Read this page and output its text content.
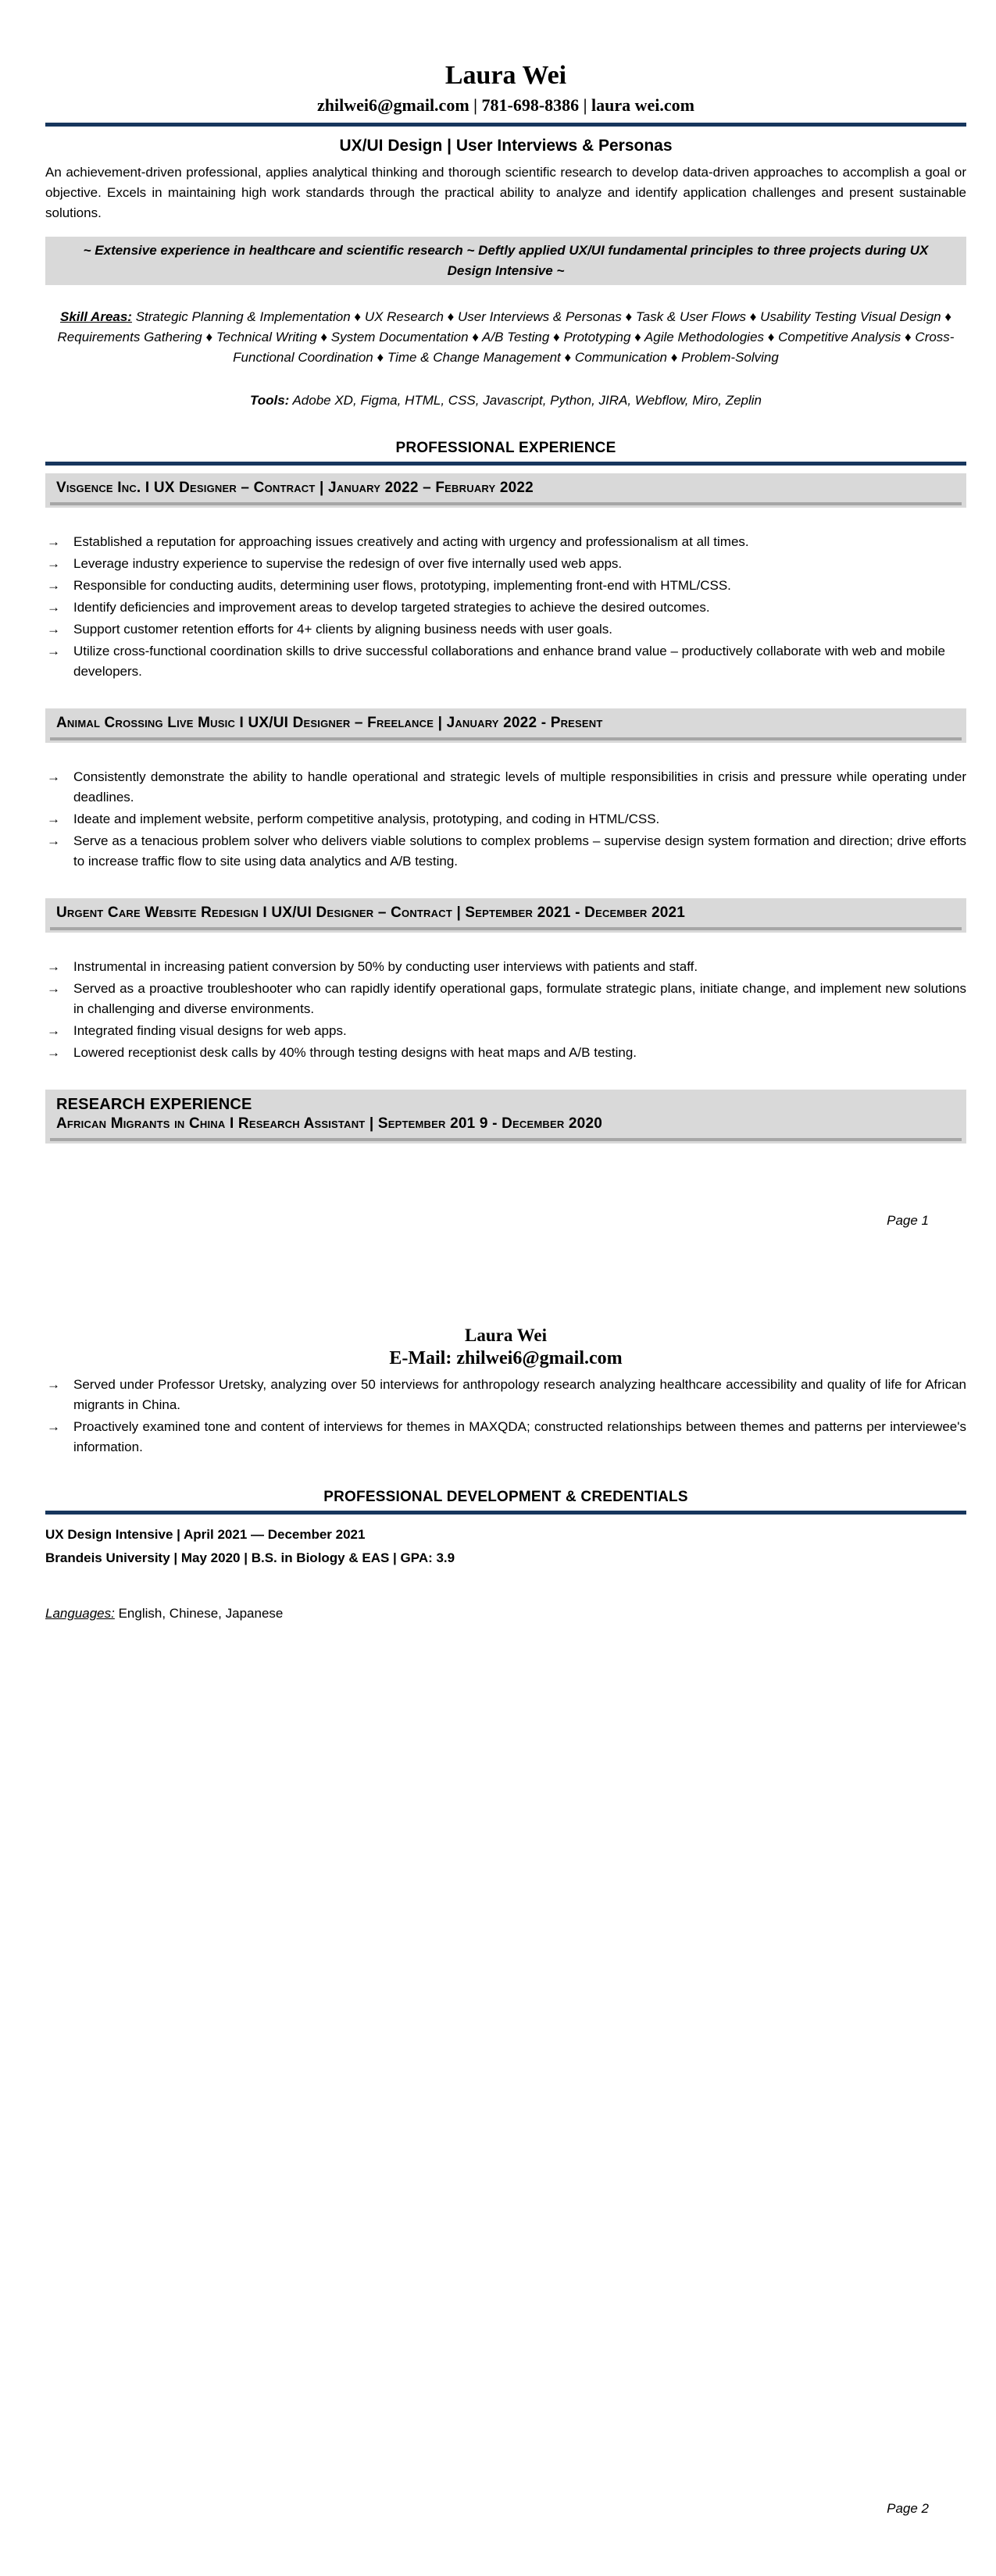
Laura Wei
zhilwei6@gmail.com | 781-698-8386 | laura wei.com
UX/UI Design | User Interviews & Personas

An achievement-driven professional, applies analytical thinking and thorough scientific research to develop data-driven approaches to accomplish a goal or objective. Excels in maintaining high work standards through the practical ability to analyze and identify application challenges and present sustainable solutions.

~ Extensive experience in healthcare and scientific research ~ Deftly applied UX/UI fundamental principles to three projects during UX Design Intensive ~

Skill Areas: Strategic Planning & Implementation ♦ UX Research ♦ User Interviews & Personas ♦ Task & User Flows ♦ Usability Testing Visual Design ♦ Requirements Gathering ♦ Technical Writing ♦ System Documentation ♦ A/B Testing ♦ Prototyping ♦ Agile Methodologies ♦ Competitive Analysis ♦ Cross-Functional Coordination ♦ Time & Change Management ♦ Communication ♦ Problem-Solving

Tools: Adobe XD, Figma, HTML, CSS, Javascript, Python, JIRA, Webflow, Miro, Zeplin

PROFESSIONAL EXPERIENCE
Visgence Inc. I UX Designer – Contract | January 2022 – February 2022
→	Established a reputation for approaching issues creatively and acting with urgency and professionalism at all times.
→	Leverage industry experience to supervise the redesign of over five internally used web apps.
→	Responsible for conducting audits, determining user flows, prototyping, implementing front-end with HTML/CSS.
→	Identify deficiencies and improvement areas to develop targeted strategies to achieve the desired outcomes.
→	Support customer retention efforts for 4+ clients by aligning business needs with user goals.
→	Utilize cross-functional coordination skills to drive successful collaborations and enhance brand value – productively collaborate with web and mobile developers.
Animal Crossing Live Music I UX/UI Designer – Freelance | January 2022 - Present
→	Consistently demonstrate the ability to handle operational and strategic levels of multiple responsibilities in crisis and pressure while operating under deadlines.
→	Ideate and implement website, perform competitive analysis, prototyping, and coding in HTML/CSS.
→	Serve as a tenacious problem solver who delivers viable solutions to complex problems – supervise design system formation and direction; drive efforts to increase traffic flow to site using data analytics and A/B testing.
Urgent Care Website Redesign I UX/UI Designer – Contract | September 2021 - December 2021
→	Instrumental in increasing patient conversion by 50% by conducting user interviews with patients and staff.
→	Served as a proactive troubleshooter who can rapidly identify operational gaps, formulate strategic plans, initiate change, and implement new solutions in challenging and diverse environments.
→	Integrated finding visual designs for web apps.
→	Lowered receptionist desk calls by 40% through testing designs with heat maps and A/B testing.
RESEARCH EXPERIENCE
African Migrants in China I Research Assistant | September 201 9 - December 2020
Page 1
Laura Wei
E-Mail: zhilwei6@gmail.com
→	Served under Professor Uretsky, analyzing over 50 interviews for anthropology research analyzing healthcare accessibility and quality of life for African migrants in China.
→	Proactively examined tone and content of interviews for themes in MAXQDA; constructed relationships between themes and patterns per interviewee's information.
PROFESSIONAL DEVELOPMENT & CREDENTIALS
UX Design Intensive | April 2021 — December 2021
Brandeis University | May 2020 | B.S. in Biology & EAS | GPA: 3.9

Languages: English, Chinese, Japanese

Page 2
